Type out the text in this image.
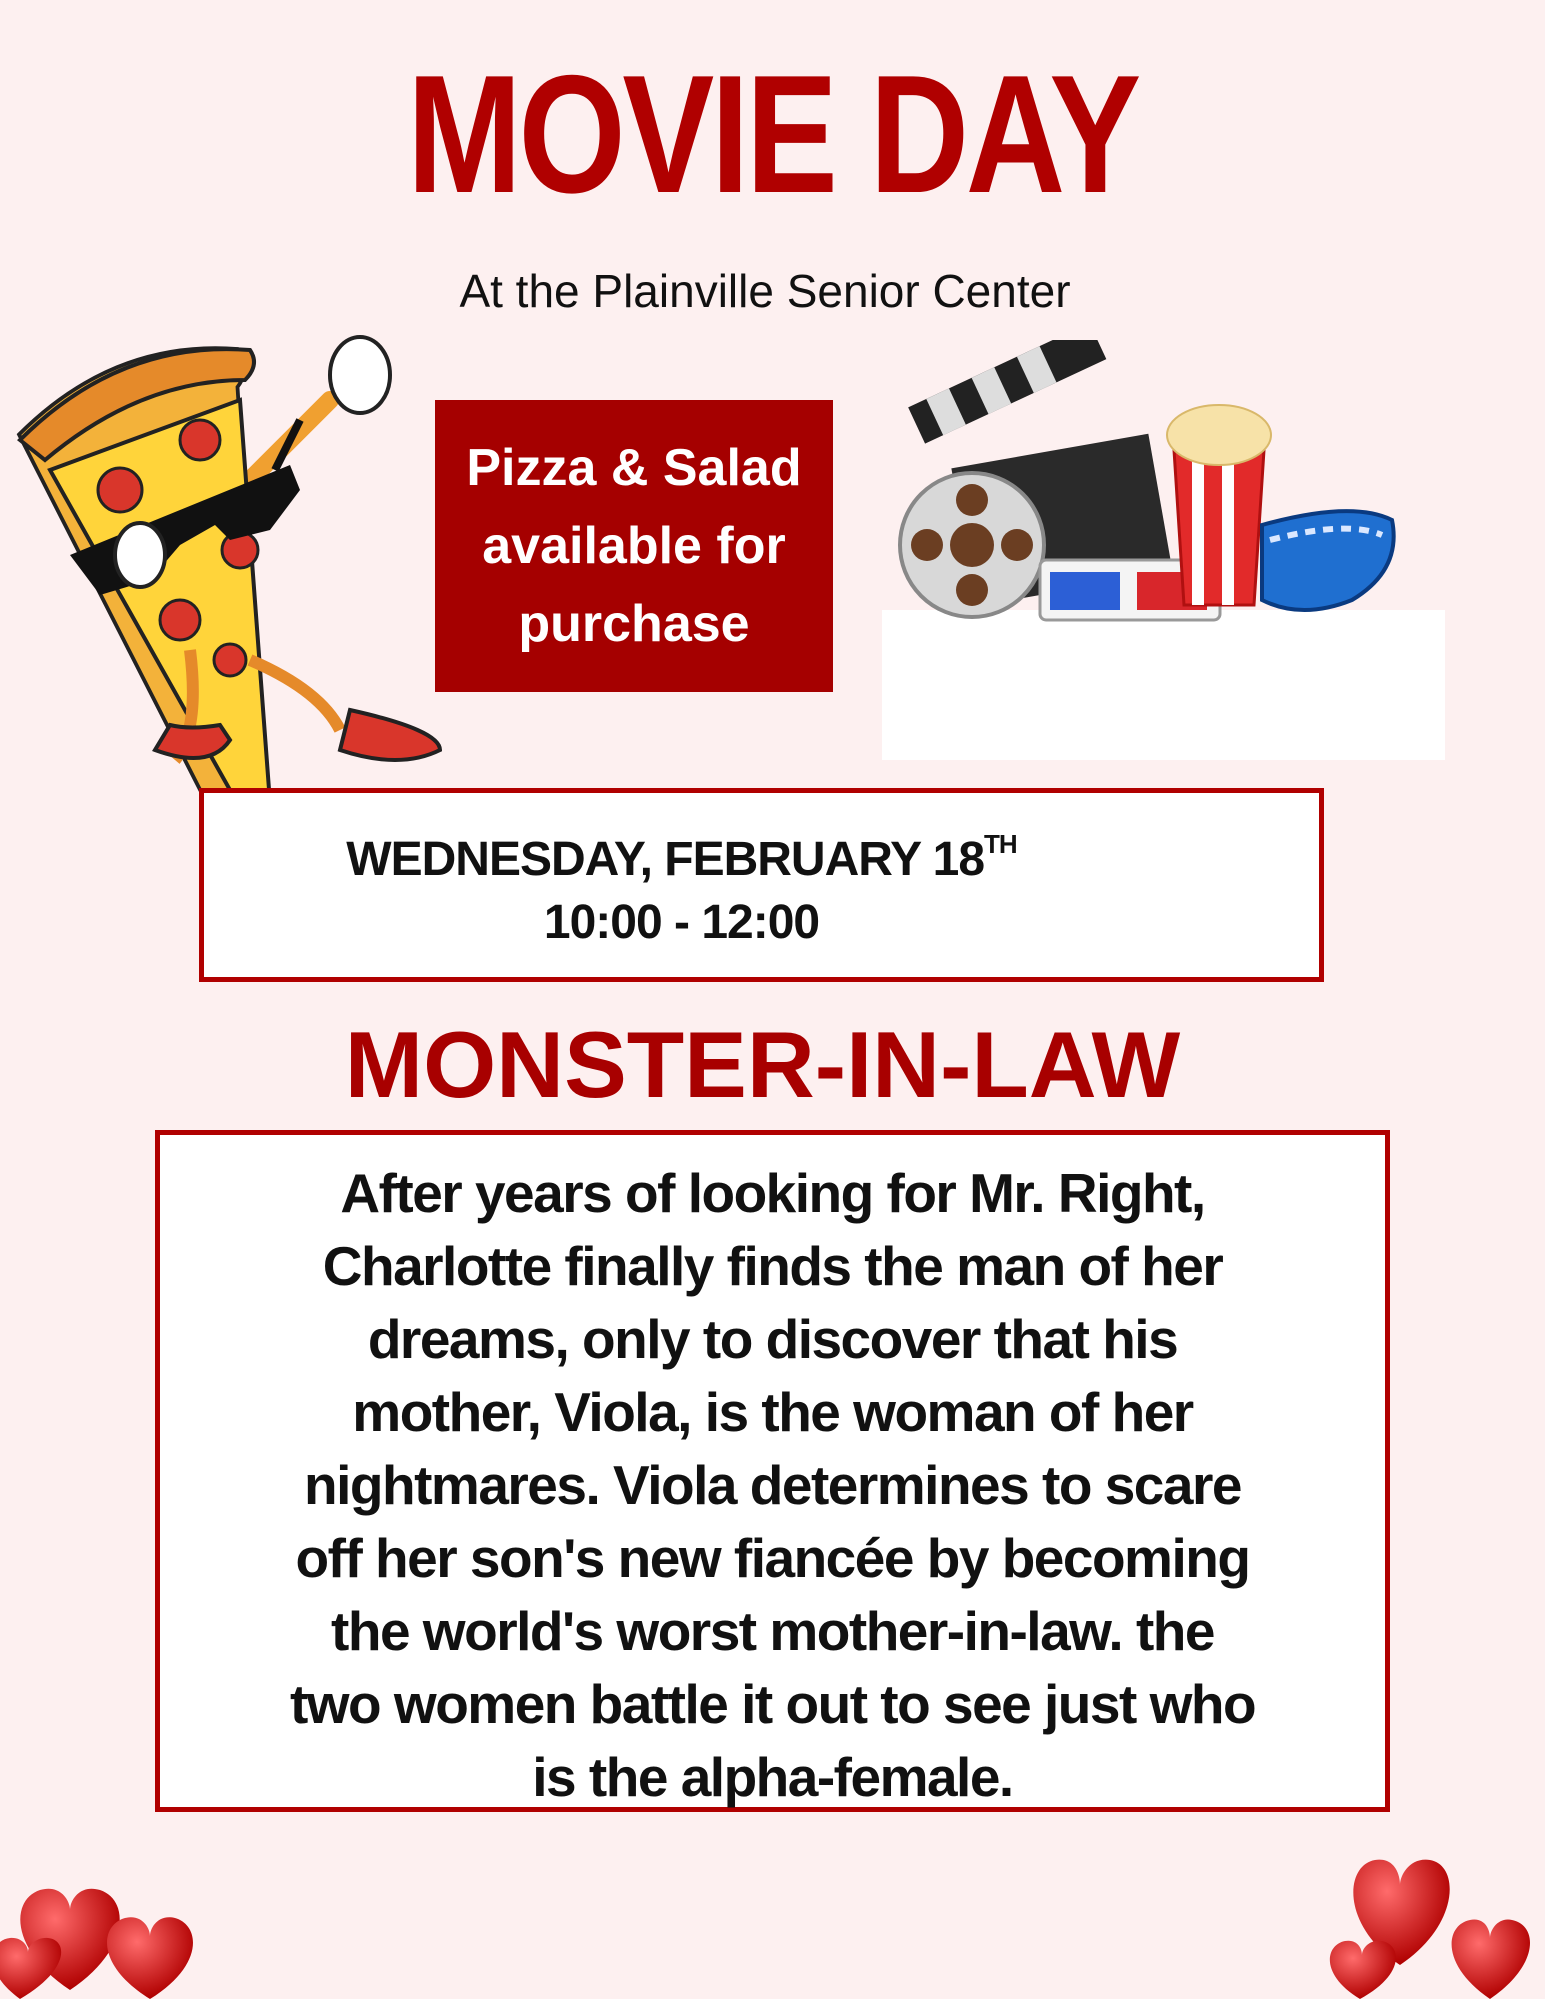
MOVIE DAY

At the Plainville Senior Center

Pizza & Salad
available for
purchase
WEDNESDAY, FEBRUARY 18TH
10:00 - 12:00
MONSTER-IN-LAW
After years of looking for Mr. Right,
Charlotte finally finds the man of her
dreams, only to discover that his
mother, Viola, is the woman of her
nightmares. Viola determines to scare
off her son's new fiancée by becoming
the world's worst mother-in-law. the
two women battle it out to see just who
is the alpha-female.
